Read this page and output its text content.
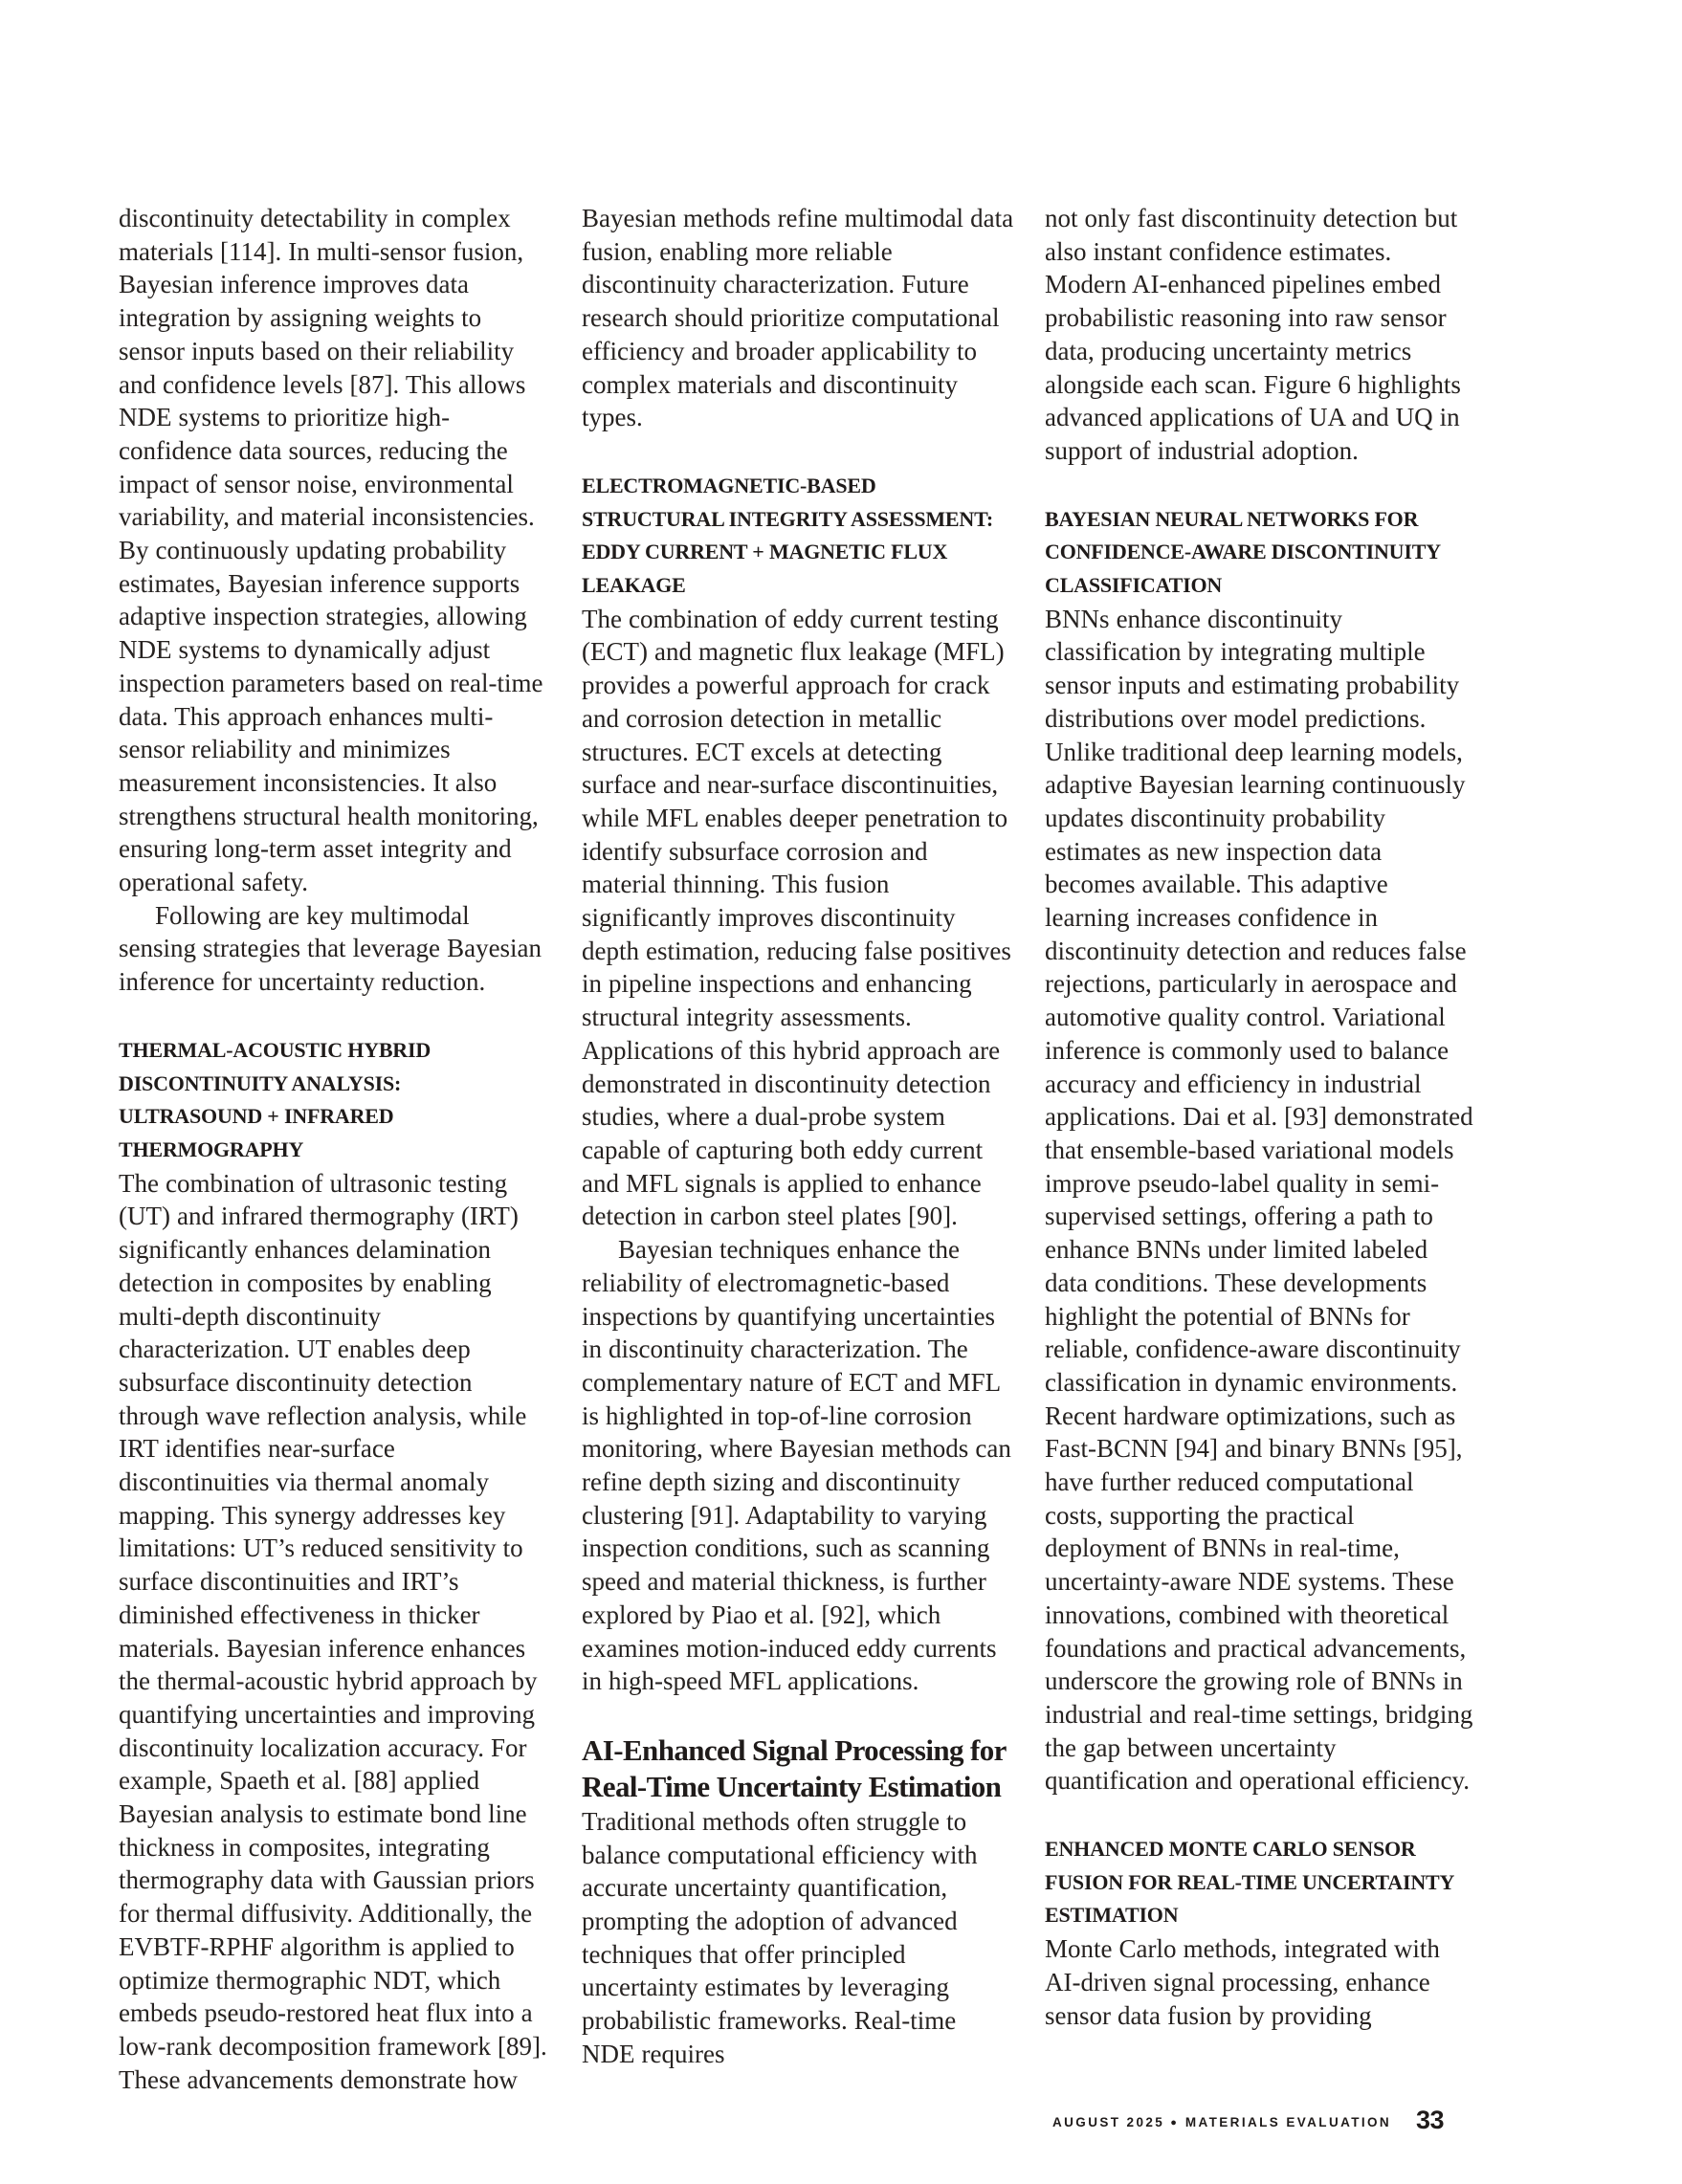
discontinuity detectability in complex materials [114]. In multi-sensor fusion, Bayesian inference improves data integration by assigning weights to sensor inputs based on their reliability and confidence levels [87]. This allows NDE systems to prioritize high-confidence data sources, reducing the impact of sensor noise, environmental variability, and material inconsistencies. By continuously updating probability estimates, Bayesian inference supports adaptive inspection strategies, allowing NDE systems to dynamically adjust inspection parameters based on real-time data. This approach enhances multi-sensor reliability and minimizes measurement inconsistencies. It also strengthens structural health monitoring, ensuring long-term asset integrity and operational safety.

Following are key multimodal sensing strategies that leverage Bayesian inference for uncertainty reduction.

THERMAL-ACOUSTIC HYBRID
DISCONTINUITY ANALYSIS:
ULTRASOUND + INFRARED
THERMOGRAPHY

The combination of ultrasonic testing (UT) and infrared thermography (IRT) significantly enhances delamination detection in composites by enabling multi-depth discontinuity characterization. UT enables deep subsurface discontinuity detection through wave reflection analysis, while IRT identifies near-surface discontinuities via thermal anomaly mapping. This synergy addresses key limitations: UT’s reduced sensitivity to surface discontinuities and IRT’s diminished effectiveness in thicker materials. Bayesian inference enhances the thermal-acoustic hybrid approach by quantifying uncertainties and improving discontinuity localization accuracy. For example, Spaeth et al. [88] applied Bayesian analysis to estimate bond line thickness in composites, integrating thermography data with Gaussian priors for thermal diffusivity. Additionally, the EVBTF-RPHF algorithm is applied to optimize thermographic NDT, which embeds pseudo-restored heat flux into a low-rank decomposition framework [89]. These advancements demonstrate how

Bayesian methods refine multimodal data fusion, enabling more reliable discontinuity characterization. Future research should prioritize computational efficiency and broader applicability to complex materials and discontinuity types.

ELECTROMAGNETIC-BASED
STRUCTURAL INTEGRITY ASSESSMENT:
EDDY CURRENT + MAGNETIC FLUX
LEAKAGE

The combination of eddy current testing (ECT) and magnetic flux leakage (MFL) provides a powerful approach for crack and corrosion detection in metallic structures. ECT excels at detecting surface and near-surface discontinuities, while MFL enables deeper penetration to identify subsurface corrosion and material thinning. This fusion significantly improves discontinuity depth estimation, reducing false positives in pipeline inspections and enhancing structural integrity assessments. Applications of this hybrid approach are demonstrated in discontinuity detection studies, where a dual-probe system capable of capturing both eddy current and MFL signals is applied to enhance detection in carbon steel plates [90].

Bayesian techniques enhance the reliability of electromagnetic-based inspections by quantifying uncertainties in discontinuity characterization. The complementary nature of ECT and MFL is highlighted in top-of-line corrosion monitoring, where Bayesian methods can refine depth sizing and discontinuity clustering [91]. Adaptability to varying inspection conditions, such as scanning speed and material thickness, is further explored by Piao et al. [92], which examines motion-induced eddy currents in high-speed MFL applications.

AI-Enhanced Signal Processing for
Real-Time Uncertainty Estimation

Traditional methods often struggle to balance computational efficiency with accurate uncertainty quantification, prompting the adoption of advanced techniques that offer principled uncertainty estimates by leveraging probabilistic frameworks. Real-time NDE requires

not only fast discontinuity detection but also instant confidence estimates. Modern AI-enhanced pipelines embed probabilistic reasoning into raw sensor data, producing uncertainty metrics alongside each scan. Figure 6 highlights advanced applications of UA and UQ in support of industrial adoption.

BAYESIAN NEURAL NETWORKS FOR
CONFIDENCE-AWARE DISCONTINUITY
CLASSIFICATION

BNNs enhance discontinuity classification by integrating multiple sensor inputs and estimating probability distributions over model predictions. Unlike traditional deep learning models, adaptive Bayesian learning continuously updates discontinuity probability estimates as new inspection data becomes available. This adaptive learning increases confidence in discontinuity detection and reduces false rejections, particularly in aerospace and automotive quality control. Variational inference is commonly used to balance accuracy and efficiency in industrial applications. Dai et al. [93] demonstrated that ensemble-based variational models improve pseudo-label quality in semi-supervised settings, offering a path to enhance BNNs under limited labeled data conditions. These developments highlight the potential of BNNs for reliable, confidence-aware discontinuity classification in dynamic environments. Recent hardware optimizations, such as Fast-BCNN [94] and binary BNNs [95], have further reduced computational costs, supporting the practical deployment of BNNs in real-time, uncertainty-aware NDE systems. These innovations, combined with theoretical foundations and practical advancements, underscore the growing role of BNNs in industrial and real-time settings, bridging the gap between uncertainty quantification and operational efficiency.

ENHANCED MONTE CARLO SENSOR
FUSION FOR REAL-TIME UNCERTAINTY
ESTIMATION

Monte Carlo methods, integrated with AI-driven signal processing, enhance sensor data fusion by providing

AUGUST 2025 ● MATERIALS EVALUATION 33
